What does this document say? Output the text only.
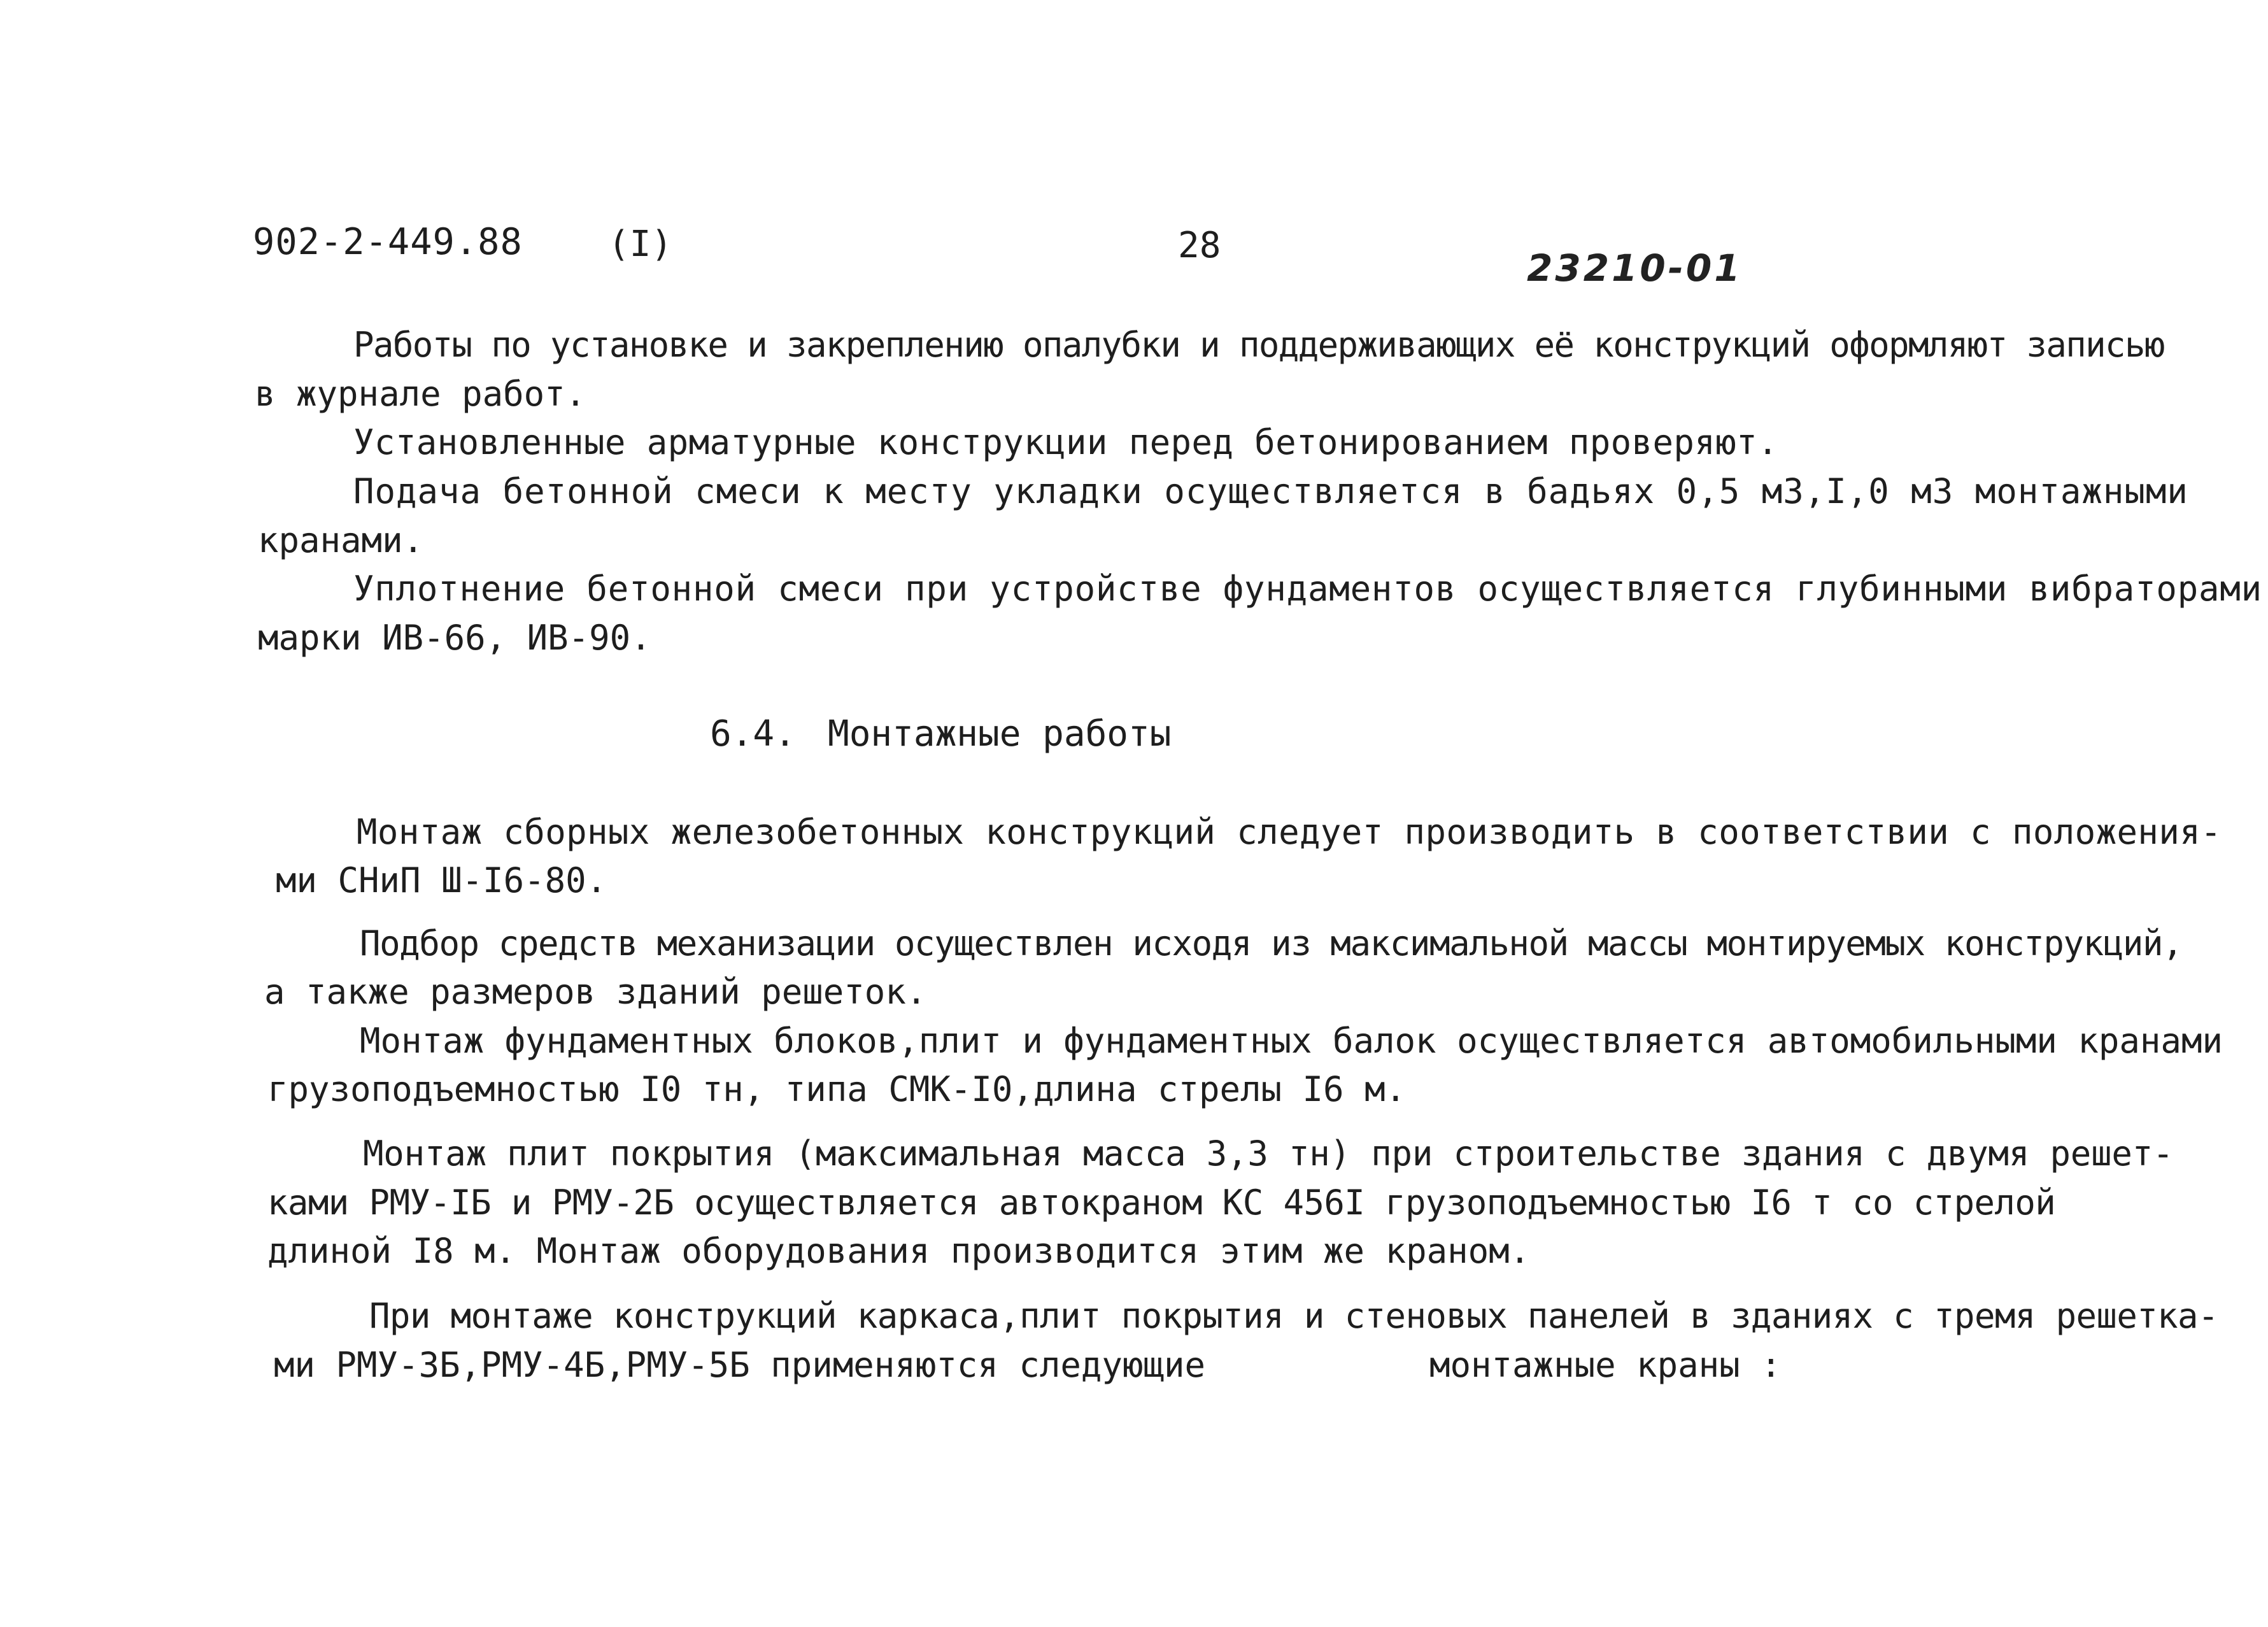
902-2-449.88 (I)	28
23210-01
Работы по установке и закреплению опалубки и поддерживающих её конструкций оформляют записью
в журнале работ.
Установленные арматурные конструкции перед бетонированием проверяют.
Подача бетонной смеси к месту укладки осуществляется в бадьях 0,5 м3,I,0 м3 монтажными
кранами.
Уплотнение бетонной смеси при устройстве фундаментов осуществляется глубинными вибраторами
марки ИВ-66, ИВ-90.
6.4. Монтажные работы
Монтаж сборных железобетонных конструкций следует производить в соответствии с положения-
ми СНиП Ш-I6-80.
Подбор средств механизации осуществлен исходя из максимальной массы монтируемых конструкций,
а также размеров зданий решеток.
Монтаж фундаментных блоков,плит и фундаментных балок осуществляется автомобильными кранами
грузоподъемностью I0 тн, типа СМК-I0,длина стрелы I6 м.
Монтаж плит покрытия (максимальная масса 3,3 тн) при строительстве здания с двумя решет-
ками РМУ-IБ и РМУ-2Б осуществляется автокраном КС 456I грузоподъемностью I6 т со стрелой
длиной I8 м. Монтаж оборудования производится этим же краном.
При монтаже конструкций каркаса,плит покрытия и стеновых панелей в зданиях с тремя решетка-
ми РМУ-3Б,РМУ-4Б,РМУ-5Б применяются следующие	монтажные краны :
